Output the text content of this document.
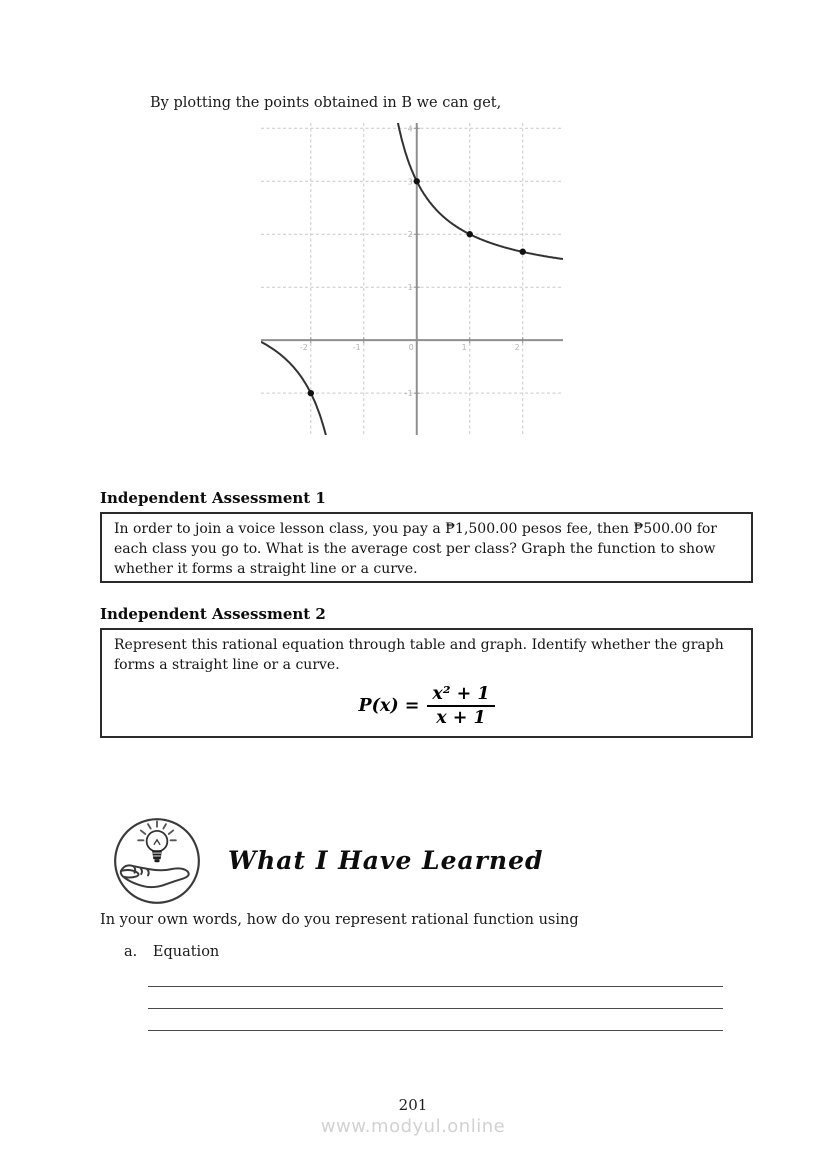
By plotting the points obtained in B we can get,
-2	-1	0	1	2
-1
1
2
3
4
Independent Assessment 1
In order to join a voice lesson class, you pay a ₱1,500.00 pesos fee, then ₱500.00 for each class you go to. What is the average cost per class? Graph the function to show whether it forms a straight line or a curve.
Independent Assessment 2
Represent this rational equation through table and graph. Identify whether the graph forms a straight line or a curve.
$P(x) = \frac{\text{x² + 1}}{x + 1}$
What I Have Learned
In your own words, how do you represent rational function using
a. Equation
201
www.modyul.online
